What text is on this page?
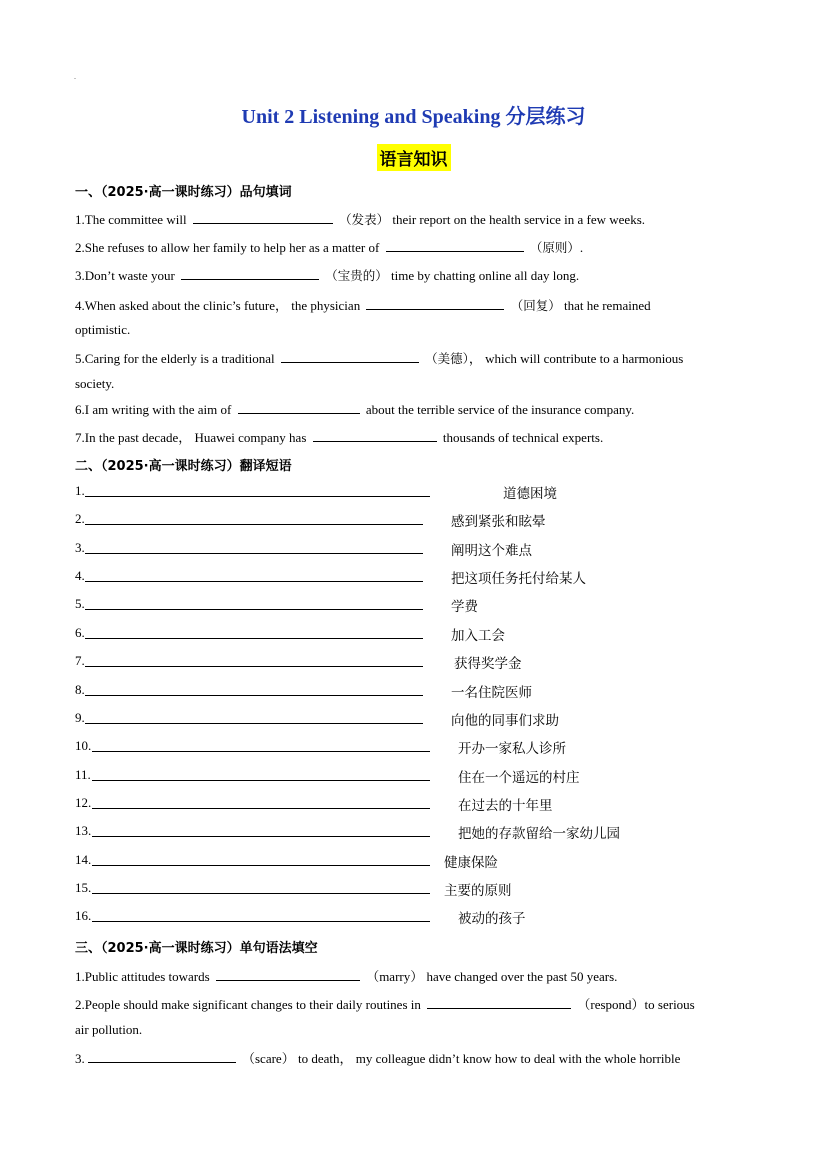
.
Unit 2 Listening and Speaking 分层练习
语言知识
一、（2025·高一课时练习）品句填词
1.The committee will	（发表） their report on the health service in a few weeks.
2.She refuses to allow her family to help her as a matter of	（原则）.
3.Don’t waste your	（宝贵的） time by chatting online all day long.
4.When asked about the clinic’s future， the physician	（回复） that he remained
optimistic.
5.Caring for the elderly is a traditional	（美德）， which will contribute to a harmonious
society.
6.I am writing with the aim of	about the terrible service of the insurance company.
7.In the past decade， Huawei company has	thousands of technical experts.
二、（2025·高一课时练习）翻译短语
1.	道德困境
2.	感到紧张和眩晕
3.	阐明这个难点
4.	把这项任务托付给某人
5.	学费
6.	加入工会
7.	获得奖学金
8.	一名住院医师
9.	向他的同事们求助
10.	开办一家私人诊所
11.	住在一个遥远的村庄
12.	在过去的十年里
13.	把她的存款留给一家幼儿园
14.	健康保险
15.	主要的原则
16.	被动的孩子
三、（2025·高一课时练习）单句语法填空
1.Public attitudes towards	（marry） have changed over the past 50 years.
2.People should make significant changes to their daily routines in	（respond）to serious
air pollution.
3.	（scare） to death， my colleague didn’t know how to deal with the whole horrible
